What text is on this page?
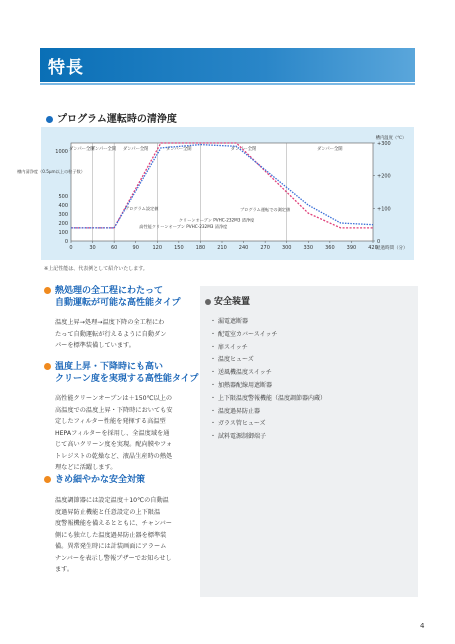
特長
プログラム運転時の清浄度
ダンパー全閉
ダンパー全開 ダンパー全閉	ダンパー全開	ダンパー全閉	ダンパー全開
0	30	60	90	120 150 180 210 240 270 300 330 360 390 420
経過時間（分）
0
+100
+200
+300
槽内温度（℃）
0
100
200
300
400
500
1000
槽内清浄度（0.5μm以上の粒子数）
プログラム設定値	プログラム運転での測定値
高性能クリーンオーブン PVHC-232M3 清浄度
クリーンオーブン PVHC-232M3 清浄度
※上記性能は、代表例として紹介いたします。
熱処理の全工程にわたって
自動運転が可能な高性能タイプ

温度上昇→処理→温度下降の全工程にわ
たって自動運転が行えるように自動ダン
パーを標準装備しています。

温度上昇・下降時にも高い
クリーン度を実現する高性能タイプ

高性能クリーンオーブンは＋150℃以上の
高温度での温度上昇・下降時においても安
定したフィルター性能を発揮する高温型
HEPAフィルターを採用し、全温度域を通
じて高いクリーン度を実現。配向膜やフォ
トレジストの乾燥など、液晶生産時の熱処
理などに活躍します。

きめ細やかな安全対策

温度調節器には設定温度＋10℃の自動温
度過昇防止機能と任意設定の上下限温
度警報機能を備えるとともに、チャンバー
側にも独立した温度過昇防止器を標準装
備。異常発生時には計装画面にアラーム
ナンバーを表示し警報ブザーでお知らせし
ます。

安全装置
・ 漏電遮断器
・ 配電室カバースイッチ
・ 扉スイッチ
・ 温度ヒューズ
・ 送風機温度スイッチ
・ 加熱器配線用遮断器
・ 上下限温度警報機能（温度調節器内蔵）
・ 温度過昇防止器
・ ガラス管ヒューズ
・ 試料電源制御端子
4
